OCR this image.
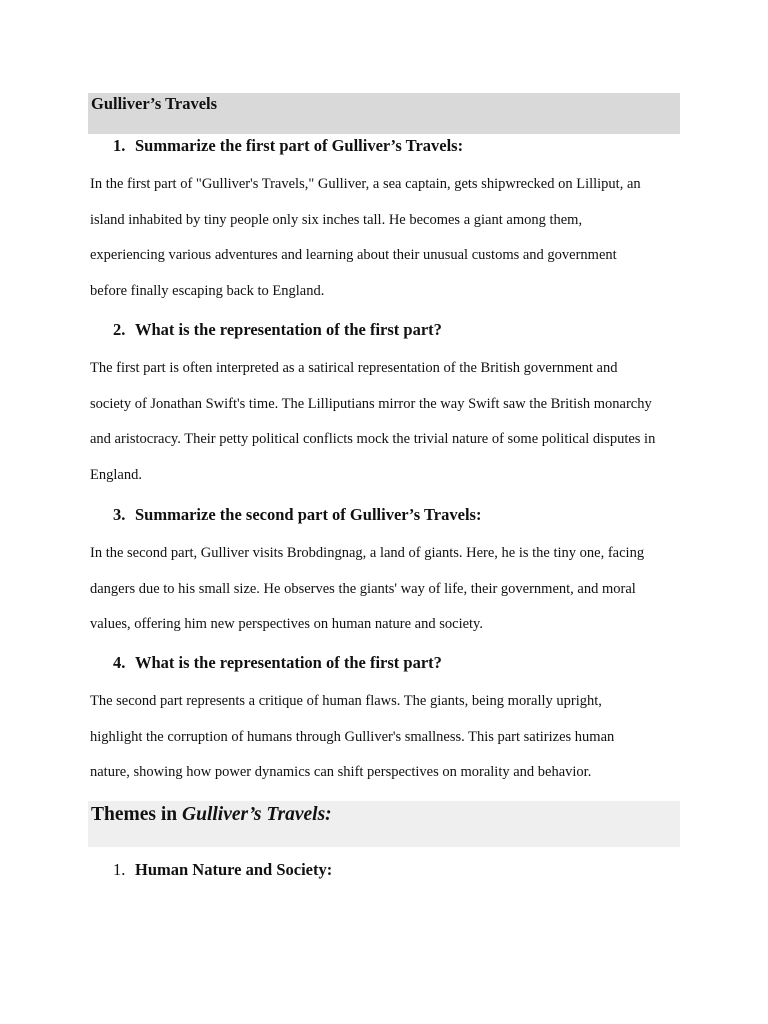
Gulliver’s Travels
1. Summarize the first part of Gulliver’s Travels:

In the first part of "Gulliver's Travels," Gulliver, a sea captain, gets shipwrecked on Lilliput, an
island inhabited by tiny people only six inches tall. He becomes a giant among them,
experiencing various adventures and learning about their unusual customs and government
before finally escaping back to England.

2. What is the representation of the first part?

The first part is often interpreted as a satirical representation of the British government and
society of Jonathan Swift's time. The Lilliputians mirror the way Swift saw the British monarchy
and aristocracy. Their petty political conflicts mock the trivial nature of some political disputes in
England.

3. Summarize the second part of Gulliver’s Travels:

In the second part, Gulliver visits Brobdingnag, a land of giants. Here, he is the tiny one, facing
dangers due to his small size. He observes the giants' way of life, their government, and moral
values, offering him new perspectives on human nature and society.

4. What is the representation of the first part?

The second part represents a critique of human flaws. The giants, being morally upright,
highlight the corruption of humans through Gulliver's smallness. This part satirizes human
nature, showing how power dynamics can shift perspectives on morality and behavior.

Themes in Gulliver’s Travels:
1. Human Nature and Society:
